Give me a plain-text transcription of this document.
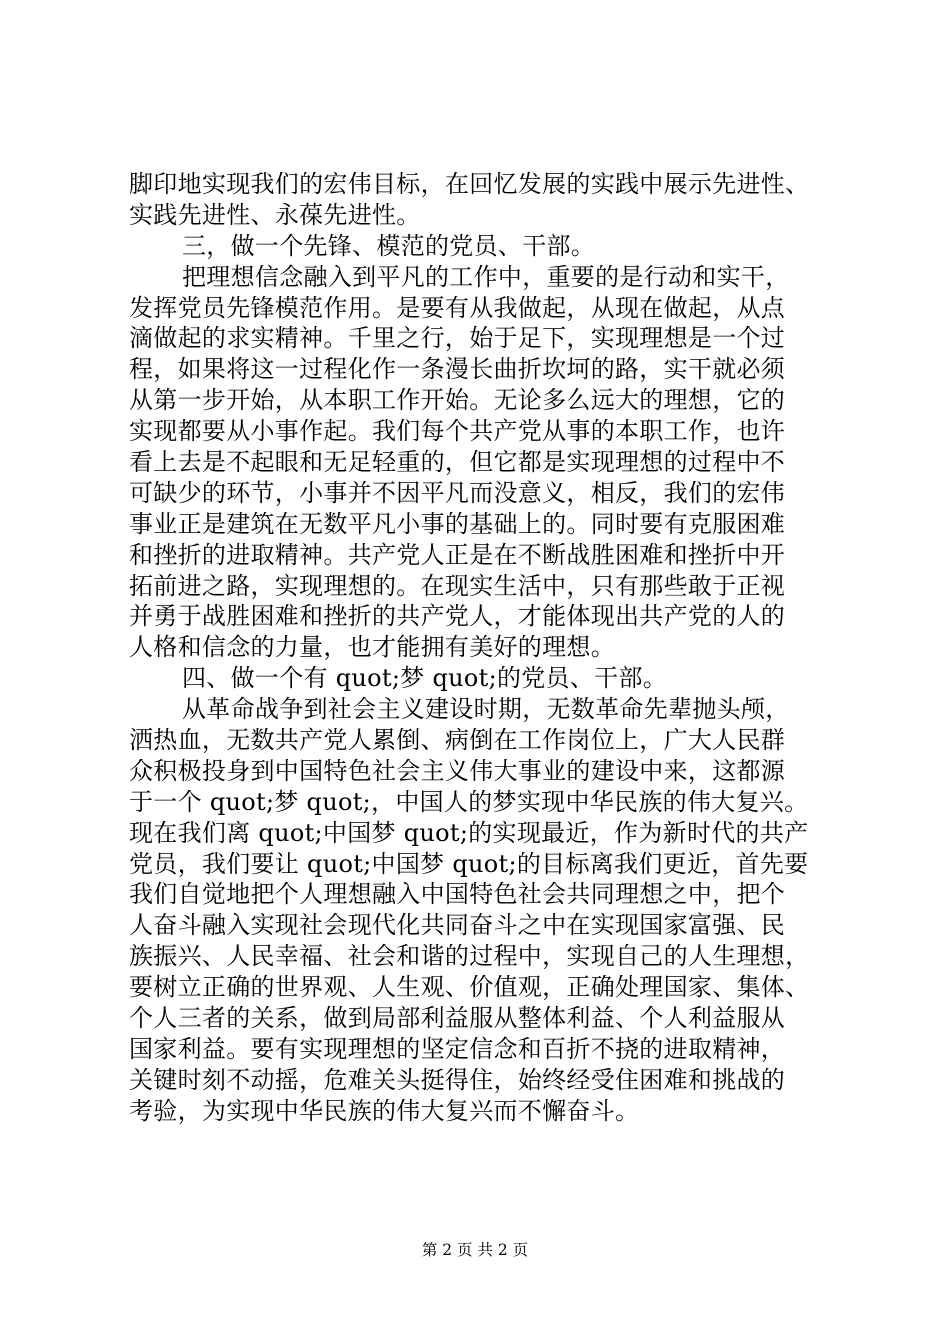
脚印地实现我们的宏伟目标，在回忆发展的实践中展示先进性、
实践先进性、永葆先进性。
三，做一个先锋、模范的党员、干部。
把理想信念融入到平凡的工作中，重要的是行动和实干，
发挥党员先锋模范作用。是要有从我做起，从现在做起，从点
滴做起的求实精神。千里之行，始于足下，实现理想是一个过
程，如果将这一过程化作一条漫长曲折坎坷的路，实干就必须
从第一步开始，从本职工作开始。无论多么远大的理想，它的
实现都要从小事作起。我们每个共产党从事的本职工作，也许
看上去是不起眼和无足轻重的，但它都是实现理想的过程中不
可缺少的环节，小事并不因平凡而没意义，相反，我们的宏伟
事业正是建筑在无数平凡小事的基础上的。同时要有克服困难
和挫折的进取精神。共产党人正是在不断战胜困难和挫折中开
拓前进之路，实现理想的。在现实生活中，只有那些敢于正视
并勇于战胜困难和挫折的共产党人，才能体现出共产党的人的
人格和信念的力量，也才能拥有美好的理想。
四、做一个有 quot;梦 quot;的党员、干部。
从革命战争到社会主义建设时期，无数革命先辈抛头颅，
洒热血，无数共产党人累倒、病倒在工作岗位上，广大人民群
众积极投身到中国特色社会主义伟大事业的建设中来，这都源
于一个 quot;梦 quot;，中国人的梦实现中华民族的伟大复兴。
现在我们离 quot;中国梦 quot;的实现最近，作为新时代的共产
党员，我们要让 quot;中国梦 quot;的目标离我们更近，首先要
我们自觉地把个人理想融入中国特色社会共同理想之中，把个
人奋斗融入实现社会现代化共同奋斗之中在实现国家富强、民
族振兴、人民幸福、社会和谐的过程中，实现自己的人生理想，
要树立正确的世界观、人生观、价值观，正确处理国家、集体、
个人三者的关系，做到局部利益服从整体利益、个人利益服从
国家利益。要有实现理想的坚定信念和百折不挠的进取精神，
关键时刻不动摇，危难关头挺得住，始终经受住困难和挑战的
考验，为实现中华民族的伟大复兴而不懈奋斗。
第 2 页 共 2 页
